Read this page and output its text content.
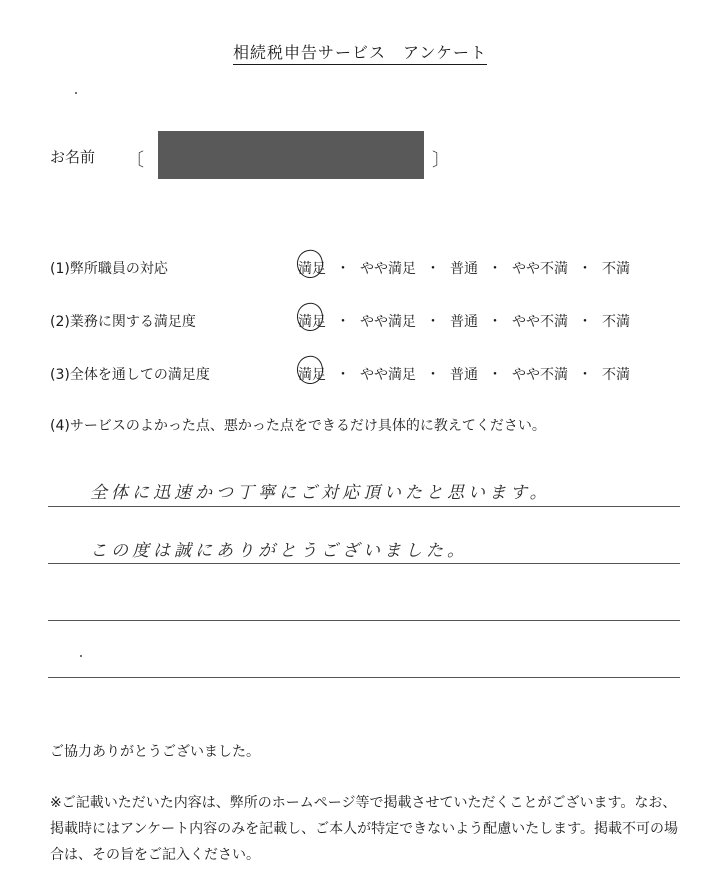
相続税申告サービス　アンケート
お名前 〔	〕
(1)弊所職員の対応	満足 ・ やや満足 ・ 普通 ・ やや不満 ・ 不満
(2)業務に関する満足度	満足 ・ やや満足 ・ 普通 ・ やや不満 ・ 不満
(3)全体を通しての満足度	満足 ・ やや満足 ・ 普通 ・ やや不満 ・ 不満
(4)サービスのよかった点、悪かった点をできるだけ具体的に教えてください。
全体に迅速かつ丁寧にご対応頂いたと思います。
この度は誠にありがとうございました。
ご協力ありがとうございました。
※ご記載いただいた内容は、弊所のホームページ等で掲載させていただくことがございます。なお、掲載時にはアンケート内容のみを記載し、ご本人が特定できないよう配慮いたします。掲載不可の場合は、その旨をご記入ください。
